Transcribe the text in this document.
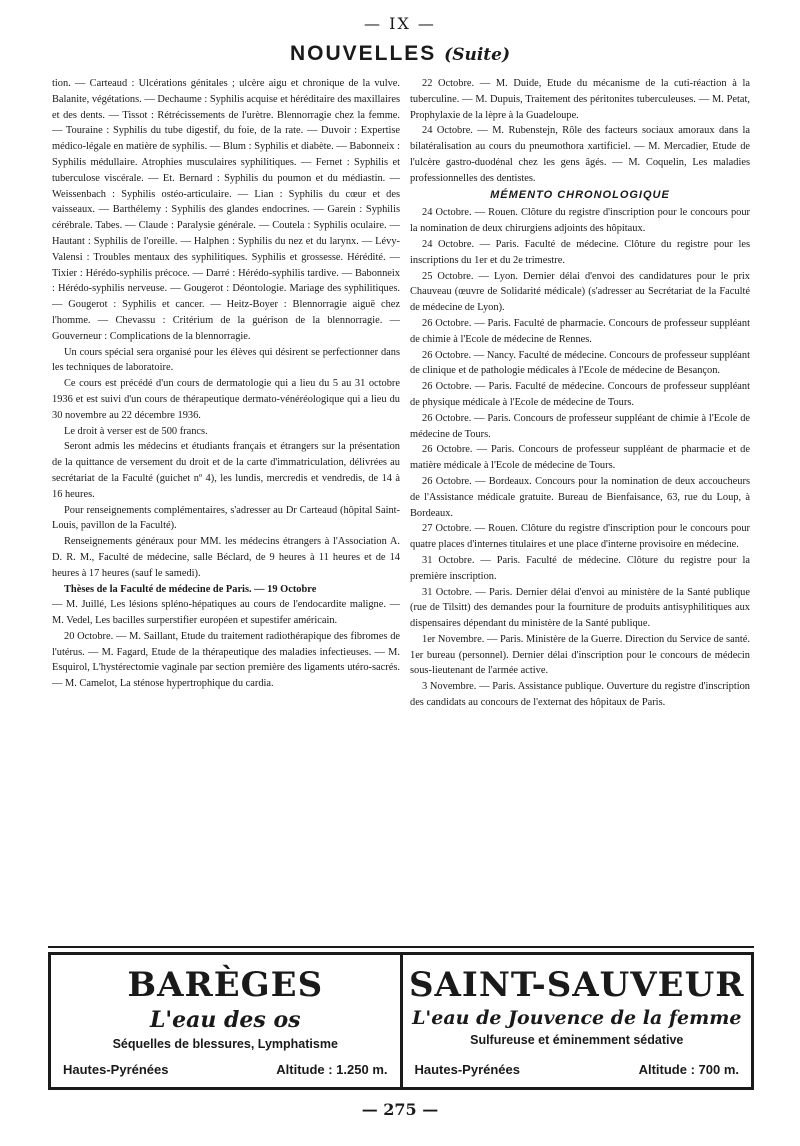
— IX —
NOUVELLES (Suite)

tion. — Carteaud : Ulcérations génitales ; ulcère aigu et chronique de la vulve. Balanite, végétations. — Dechaume : Syphilis acquise et héréditaire des maxillaires et des dents. — Tissot : Rétrécissements de l'urètre. Blennorragie chez la femme. — Touraine : Syphilis du tube digestif, du foie, de la rate. — Duvoir : Expertise médico-légale en matière de syphilis. — Blum : Syphilis et diabète. — Babonneix : Syphilis médullaire. Atrophies musculaires syphilitiques. — Fernet : Syphilis et tuberculose viscérale. — Et. Bernard : Syphilis du poumon et du médiastin. — Weissenbach : Syphilis ostéo-articulaire. — Lian : Syphilis du cœur et des vaisseaux. — Barthélemy : Syphilis des glandes endocrines. — Garein : Syphilis cérébrale. Tabes. — Claude : Paralysie générale. — Coutela : Syphilis oculaire. — Hautant : Syphilis de l'oreille. — Halphen : Syphilis du nez et du larynx. — Lévy-Valensi : Troubles mentaux des syphilitiques. Syphilis et grossesse. Hérédité. — Tixier : Hérédo-syphilis précoce. — Darré : Hérédo-syphilis tardive. — Babonneix : Hérédo-syphilis nerveuse. — Gougerot : Déontologie. Mariage des syphilitiques. — Gougerot : Syphilis et cancer. — Heitz-Boyer : Blennorragie aiguë chez l'homme. — Chevassu : Critérium de la guérison de la blennorragie. — Gouverneur : Complications de la blennorragie.

Un cours spécial sera organisé pour les élèves qui désirent se perfectionner dans les techniques de laboratoire.

Ce cours est précédé d'un cours de dermatologie qui a lieu du 5 au 31 octobre 1936 et est suivi d'un cours de thérapeutique dermato-vénéréologique qui a lieu du 30 novembre au 22 décembre 1936.

Le droit à verser est de 500 francs.

Seront admis les médecins et étudiants français et étrangers sur la présentation de la quittance de versement du droit et de la carte d'immatriculation, délivrées au secrétariat de la Faculté (guichet nº 4), les lundis, mercredis et vendredis, de 14 à 16 heures.

Pour renseignements complémentaires, s'adresser au Dr Carteaud (hôpital Saint-Louis, pavillon de la Faculté).

Renseignements généraux pour MM. les médecins étrangers à l'Association A. D. R. M., Faculté de médecine, salle Béclard, de 9 heures à 11 heures et de 14 heures à 17 heures (sauf le samedi).

Thèses de la Faculté de médecine de Paris. — 19 Octobre

— M. Juillé, Les lésions spléno-hépatiques au cours de l'endocardite maligne. — M. Vedel, Les bacilles surperstifier européen et supestifer américain.

20 Octobre. — M. Saillant, Etude du traitement radiothérapique des fibromes de l'utérus. — M. Fagard, Etude de la thérapeutique des maladies infectieuses. — M. Esquirol, L'hystérectomie vaginale par section première des ligaments utéro-sacrés. — M. Camelot, La sténose hypertrophique du cardia.

22 Octobre. — M. Duide, Etude du mécanisme de la cuti-réaction à la tuberculine. — M. Dupuis, Traitement des péritonites tuberculeuses. — M. Petat, Prophylaxie de la lèpre à la Guadeloupe.

24 Octobre. — M. Rubenstejn, Rôle des facteurs sociaux amoraux dans la bilatéralisation au cours du pneumothora xartificiel. — M. Mercadier, Etude de l'ulcère gastro-duodénal chez les gens âgés. — M. Coquelin, Les maladies professionnelles des dentistes.

MÉMENTO CHRONOLOGIQUE

24 Octobre. — Rouen. Clôture du registre d'inscription pour le concours pour la nomination de deux chirurgiens adjoints des hôpitaux.

24 Octobre. — Paris. Faculté de médecine. Clôture du registre pour les inscriptions du 1er et du 2e trimestre.

25 Octobre. — Lyon. Dernier délai d'envoi des candidatures pour le prix Chauveau (œuvre de Solidarité médicale) (s'adresser au Secrétariat de la Faculté de médecine de Lyon).

26 Octobre. — Paris. Faculté de pharmacie. Concours de professeur suppléant de chimie à l'Ecole de médecine de Rennes.

26 Octobre. — Nancy. Faculté de médecine. Concours de professeur suppléant de clinique et de pathologie médicales à l'Ecole de médecine de Besançon.

26 Octobre. — Paris. Faculté de médecine. Concours de professeur suppléant de physique médicale à l'Ecole de médecine de Tours.

26 Octobre. — Paris. Concours de professeur suppléant de chimie à l'Ecole de médecine de Tours.

26 Octobre. — Paris. Concours de professeur suppléant de pharmacie et de matière médicale à l'Ecole de médecine de Tours.

26 Octobre. — Bordeaux. Concours pour la nomination de deux accoucheurs de l'Assistance médicale gratuite. Bureau de Bienfaisance, 63, rue du Loup, à Bordeaux.

27 Octobre. — Rouen. Clôture du registre d'inscription pour le concours pour quatre places d'internes titulaires et une place d'interne provisoire en médecine.

31 Octobre. — Paris. Faculté de médecine. Clôture du registre pour la première inscription.

31 Octobre. — Paris. Dernier délai d'envoi au ministère de la Santé publique (rue de Tilsitt) des demandes pour la fourniture de produits antisyphilitiques aux dispensaires dépendant du ministère de la Santé publique.

1er Novembre. — Paris. Ministère de la Guerre. Direction du Service de santé. 1er bureau (personnel). Dernier délai d'inscription pour le concours de médecin sous-lieutenant de l'armée active.

3 Novembre. — Paris. Assistance publique. Ouverture du registre d'inscription des candidats au concours de l'externat des hôpitaux de Paris.

BARÈGES
L'eau des os
Séquelles de blessures, Lymphatisme
Hautes-Pyrénées	Altitude : 1.250 m.
SAINT-SAUVEUR
L'eau de Jouvence de la femme
Sulfureuse et éminemment sédative
Hautes-Pyrénées	Altitude : 700 m.
— 275 —
